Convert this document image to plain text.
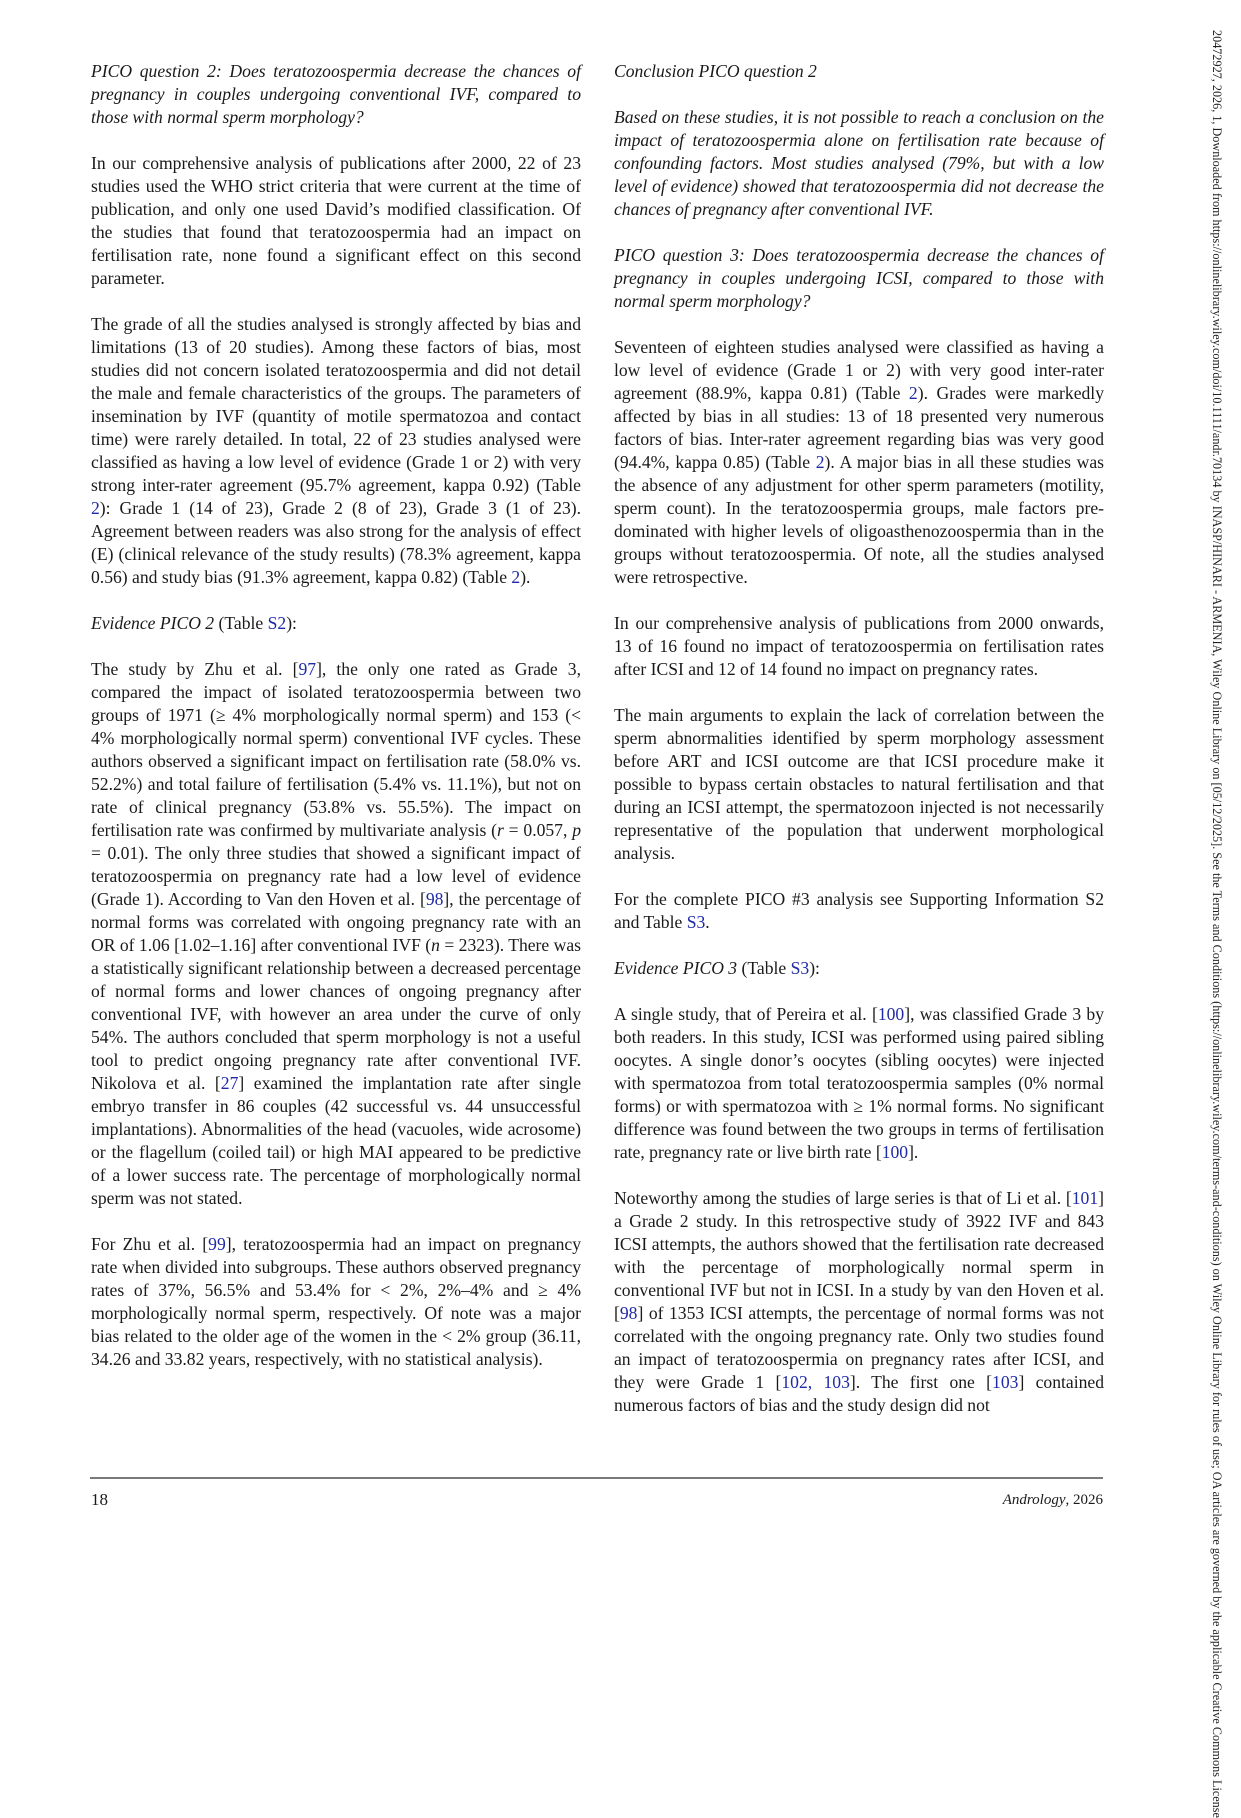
PICO question 2: Does teratozoospermia decrease the chances of pregnancy in couples undergoing conventional IVF, compared to those with normal sperm morphology?

In our comprehensive analysis of publications after 2000, 22 of 23 studies used the WHO strict criteria that were current at the time of publication, and only one used David’s modified classification. Of the studies that found that teratozoospermia had an impact on fertilisation rate, none found a significant effect on this second parameter.

The grade of all the studies analysed is strongly affected by bias and limitations (13 of 20 studies). Among these factors of bias, most studies did not concern isolated teratozoospermia and did not detail the male and female characteristics of the groups. The parameters of insemination by IVF (quantity of motile spermatozoa and contact time) were rarely detailed. In total, 22 of 23 studies analysed were classified as having a low level of evidence (Grade 1 or 2) with very strong inter-rater agreement (95.7% agreement, kappa 0.92) (Table 2): Grade 1 (14 of 23), Grade 2 (8 of 23), Grade 3 (1 of 23). Agreement between readers was also strong for the analysis of effect (E) (clinical relevance of the study results) (78.3% agreement, kappa 0.56) and study bias (91.3% agreement, kappa 0.82) (Table 2).

Evidence PICO 2 (Table S2):

The study by Zhu et al. [97], the only one rated as Grade 3, compared the impact of isolated teratozoospermia between two groups of 1971 (≥ 4% morphologically normal sperm) and 153 (< 4% morphologically normal sperm) conventional IVF cycles. These authors observed a significant impact on fertilisation rate (58.0% vs. 52.2%) and total failure of fertilisation (5.4% vs. 11.1%), but not on rate of clinical pregnancy (53.8% vs. 55.5%). The impact on fertilisation rate was confirmed by multivariate analysis (r = 0.057, p = 0.01). The only three studies that showed a significant impact of teratozoospermia on pregnancy rate had a low level of evidence (Grade 1). According to Van den Hoven et al. [98], the percentage of normal forms was correlated with ongoing pregnancy rate with an OR of 1.06 [1.02–1.16] after conventional IVF (n = 2323). There was a statistically significant relationship between a decreased percentage of normal forms and lower chances of ongoing pregnancy after conventional IVF, with however an area under the curve of only 54%. The authors concluded that sperm morphology is not a useful tool to predict ongoing pregnancy rate after conventional IVF. Nikolova et al. [27] examined the implantation rate after single embryo transfer in 86 couples (42 successful vs. 44 unsuccessful implantations). Abnormalities of the head (vacuoles, wide acrosome) or the flagellum (coiled tail) or high MAI appeared to be predictive of a lower success rate. The percentage of morphologically normal sperm was not stated.

For Zhu et al. [99], teratozoospermia had an impact on pregnancy rate when divided into subgroups. These authors observed pregnancy rates of 37%, 56.5% and 53.4% for < 2%, 2%–4% and ≥ 4% morphologically normal sperm, respectively. Of note was a major bias related to the older age of the women in the < 2% group (36.11, 34.26 and 33.82 years, respectively, with no statistical analysis).

Conclusion PICO question 2

Based on these studies, it is not possible to reach a conclusion on the impact of teratozoospermia alone on fertilisation rate because of confounding factors. Most studies analysed (79%, but with a low level of evidence) showed that teratozoospermia did not decrease the chances of pregnancy after conventional IVF.

PICO question 3: Does teratozoospermia decrease the chances of pregnancy in couples undergoing ICSI, compared to those with normal sperm morphology?

Seventeen of eighteen studies analysed were classified as having a low level of evidence (Grade 1 or 2) with very good inter-rater agreement (88.9%, kappa 0.81) (Table 2). Grades were markedly affected by bias in all studies: 13 of 18 presented very numerous factors of bias. Inter-rater agreement regarding bias was very good (94.4%, kappa 0.85) (Table 2). A major bias in all these studies was the absence of any adjustment for other sperm parameters (motility, sperm count). In the teratozoospermia groups, male factors pre-dominated with higher levels of oligoasthenozoospermia than in the groups without teratozoospermia. Of note, all the studies analysed were retrospective.

In our comprehensive analysis of publications from 2000 onwards, 13 of 16 found no impact of teratozoospermia on fertilisation rates after ICSI and 12 of 14 found no impact on pregnancy rates.

The main arguments to explain the lack of correlation between the sperm abnormalities identified by sperm morphology assessment before ART and ICSI outcome are that ICSI procedure make it possible to bypass certain obstacles to natural fertilisation and that during an ICSI attempt, the spermatozoon injected is not necessarily representative of the population that underwent morphological analysis.

For the complete PICO #3 analysis see Supporting Information S2 and Table S3.

Evidence PICO 3 (Table S3):

A single study, that of Pereira et al. [100], was classified Grade 3 by both readers. In this study, ICSI was performed using paired sibling oocytes. A single donor’s oocytes (sibling oocytes) were injected with spermatozoa from total teratozoospermia samples (0% normal forms) or with spermatozoa with ≥ 1% normal forms. No significant difference was found between the two groups in terms of fertilisation rate, pregnancy rate or live birth rate [100].

Noteworthy among the studies of large series is that of Li et al. [101] a Grade 2 study. In this retrospective study of 3922 IVF and 843 ICSI attempts, the authors showed that the fertilisation rate decreased with the percentage of morphologically normal sperm in conventional IVF but not in ICSI. In a study by van den Hoven et al. [98] of 1353 ICSI attempts, the percentage of normal forms was not correlated with the ongoing pregnancy rate. Only two studies found an impact of teratozoospermia on pregnancy rates after ICSI, and they were Grade 1 [102, 103]. The first one [103] contained numerous factors of bias and the study design did not

18	Andrology, 2026	20472927, 2026, 1, Downloaded from https://onlinelibrary.wiley.com/doi/10.1111/andr.70134 by INASP/HINARI - ARMENIA, Wiley Online Library on [05/12/2025]. See the Terms and Conditions (https://onlinelibrary.wiley.com/terms-and-conditions) on Wiley Online Library for rules of use; OA articles are governed by the applicable Creative Commons License
